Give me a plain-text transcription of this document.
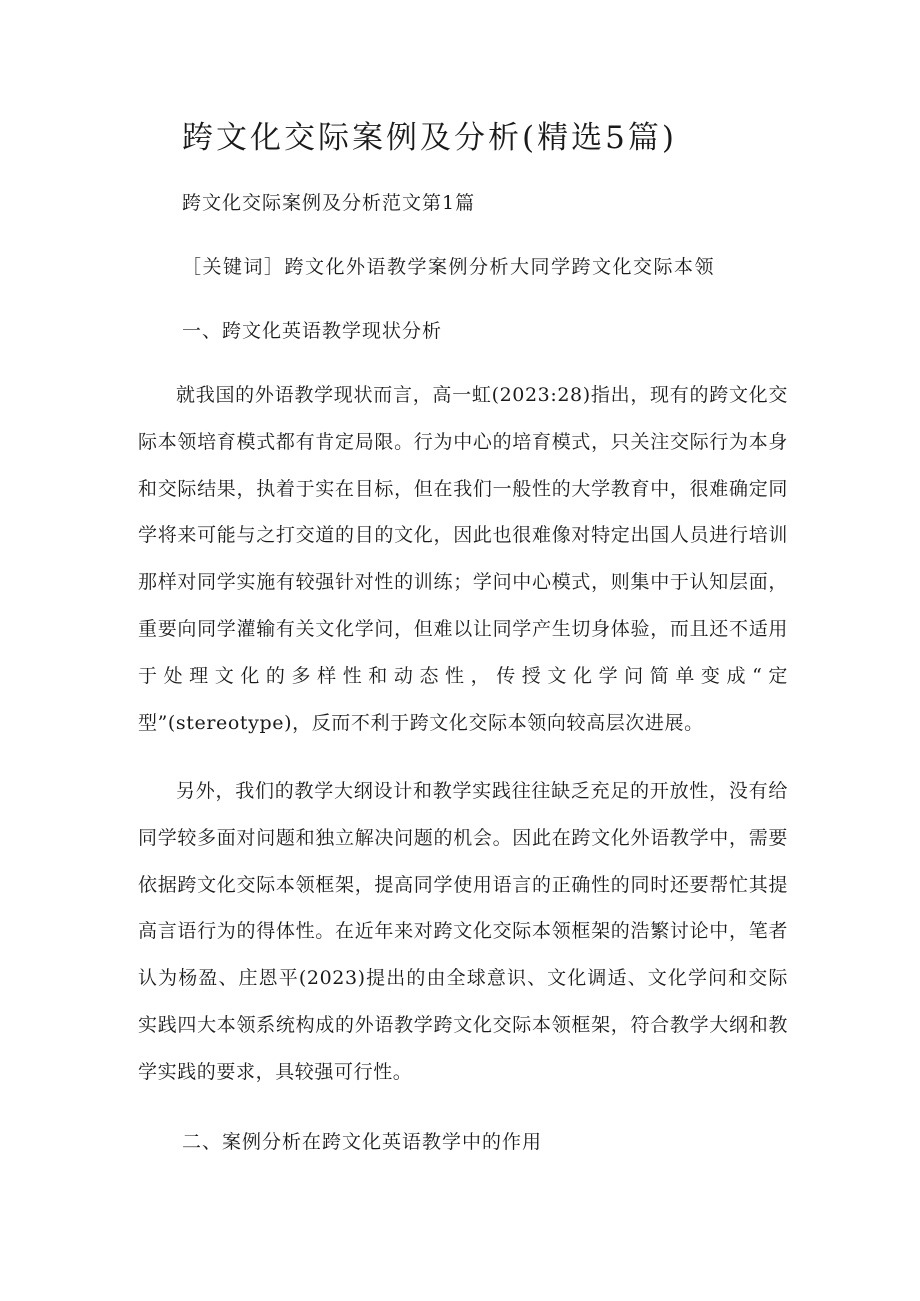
跨文化交际案例及分析(精选5篇)

跨文化交际案例及分析范文第1篇

［关键词］跨文化外语教学案例分析大同学跨文化交际本领

一、跨文化英语教学现状分析

就我国的外语教学现状而言，高一虹(2023:28)指出，现有的跨文化交际本领培育模式都有肯定局限。行为中心的培育模式，只关注交际行为本身和交际结果，执着于实在目标，但在我们一般性的大学教育中，很难确定同学将来可能与之打交道的目的文化，因此也很难像对特定出国人员进行培训那样对同学实施有较强针对性的训练；学问中心模式，则集中于认知层面，重要向同学灌输有关文化学问，但难以让同学产生切身体验，而且还不适用于处理文化的多样性和动态性，传授文化学问简单变成“定型”(stereotype)，反而不利于跨文化交际本领向较高层次进展。

另外，我们的教学大纲设计和教学实践往往缺乏充足的开放性，没有给同学较多面对问题和独立解决问题的机会。因此在跨文化外语教学中，需要依据跨文化交际本领框架，提高同学使用语言的正确性的同时还要帮忙其提高言语行为的得体性。在近年来对跨文化交际本领框架的浩繁讨论中，笔者认为杨盈、庄恩平(2023)提出的由全球意识、文化调适、文化学问和交际实践四大本领系统构成的外语教学跨文化交际本领框架，符合教学大纲和教学实践的要求，具较强可行性。

二、案例分析在跨文化英语教学中的作用
